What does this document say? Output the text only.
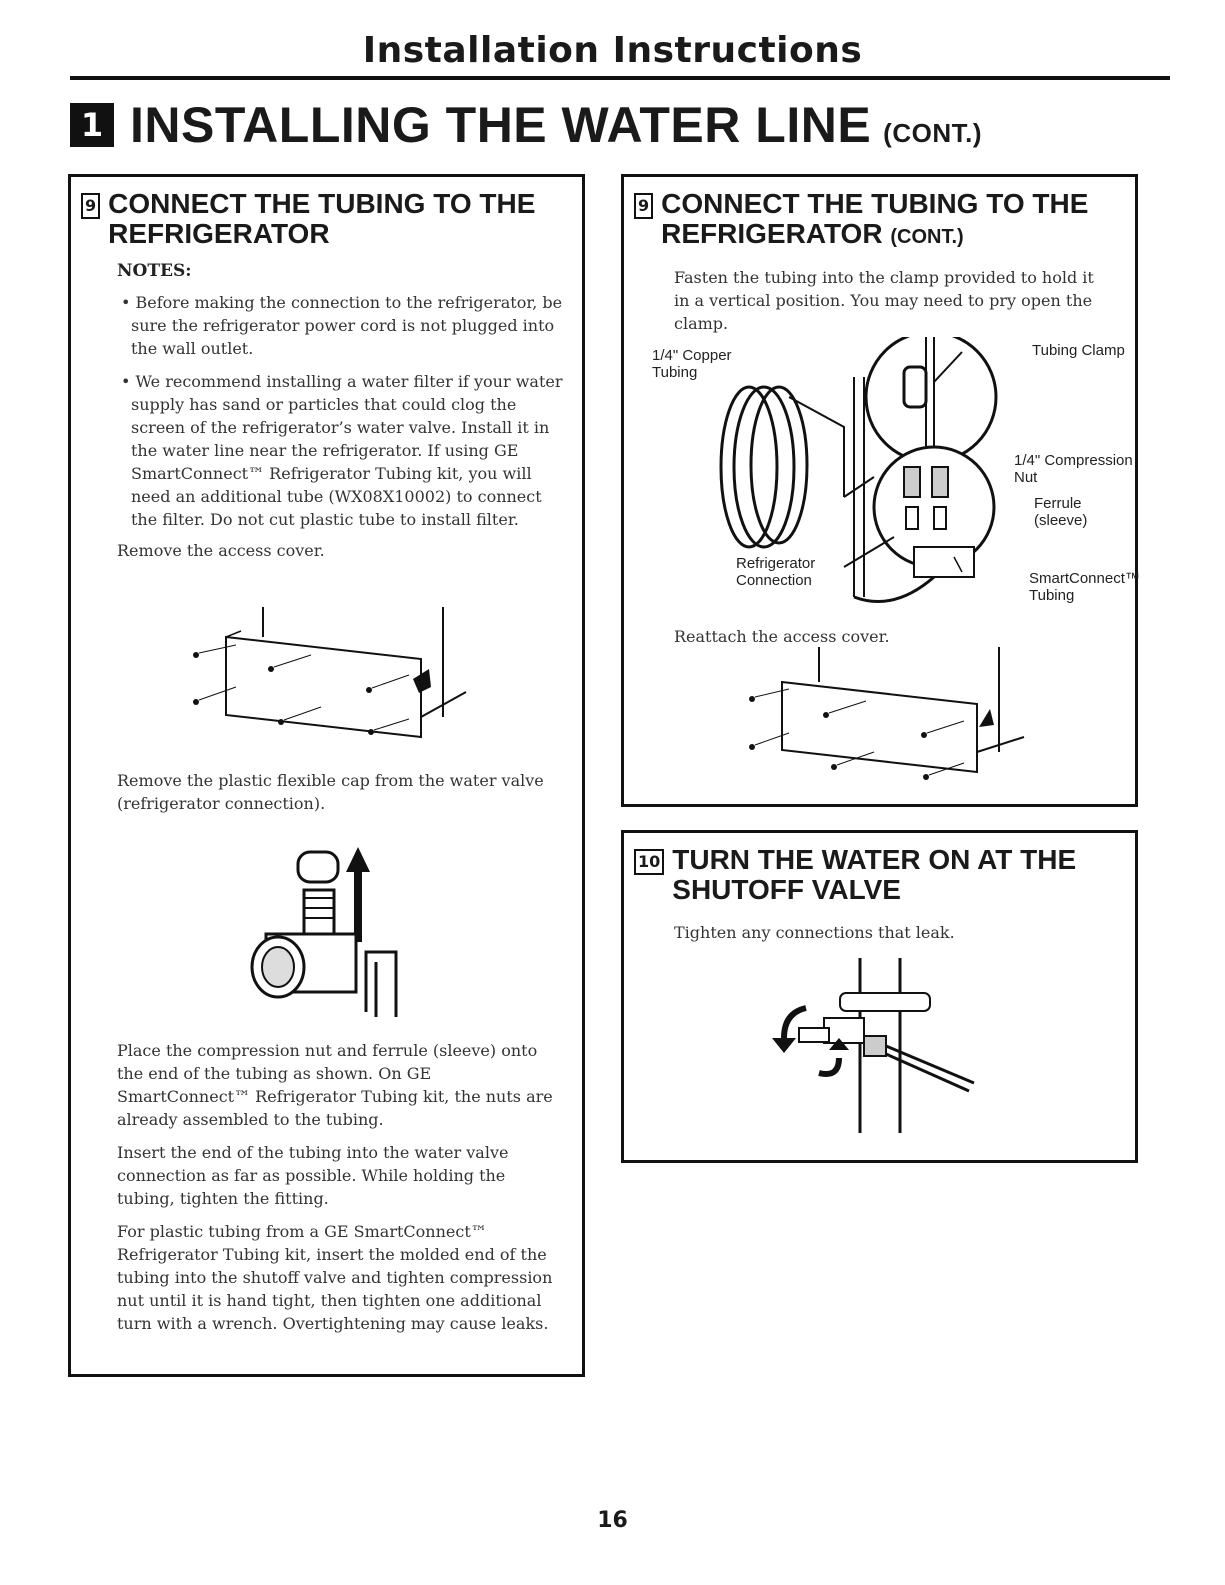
Installation Instructions
1 INSTALLING THE WATER LINE (CONT.)
9 CONNECT THE TUBING TO THE
REFRIGERATOR
NOTES:

• Before making the connection to the refrigerator, be sure the refrigerator power cord is not plugged into the wall outlet.

• We recommend installing a water filter if your water supply has sand or particles that could clog the screen of the refrigerator’s water valve. Install it in the water line near the refrigerator. If using GE SmartConnect™ Refrigerator Tubing kit, you will need an additional tube (WX08X10002) to connect the filter. Do not cut plastic tube to install filter.

Remove the access cover.

Remove the plastic flexible cap from the water valve (refrigerator connection).

Place the compression nut and ferrule (sleeve) onto the end of the tubing as shown. On GE SmartConnect™ Refrigerator Tubing kit, the nuts are already assembled to the tubing.

Insert the end of the tubing into the water valve connection as far as possible. While holding the tubing, tighten the fitting.

For plastic tubing from a GE SmartConnect™ Refrigerator Tubing kit, insert the molded end of the tubing into the shutoff valve and tighten compression nut until it is hand tight, then tighten one additional turn with a wrench. Overtightening may cause leaks.

9 CONNECT THE TUBING TO THE
REFRIGERATOR (CONT.)

Fasten the tubing into the clamp provided to hold it in a vertical position. You may need to pry open the clamp.

1/4" Copper
Tubing
Tubing Clamp
1/4" Compression
Nut
Ferrule
(sleeve)
Refrigerator
Connection	SmartConnect™
Tubing

Reattach the access cover.

10 TURN THE WATER ON AT THE
SHUTOFF VALVE

Tighten any connections that leak.

16
